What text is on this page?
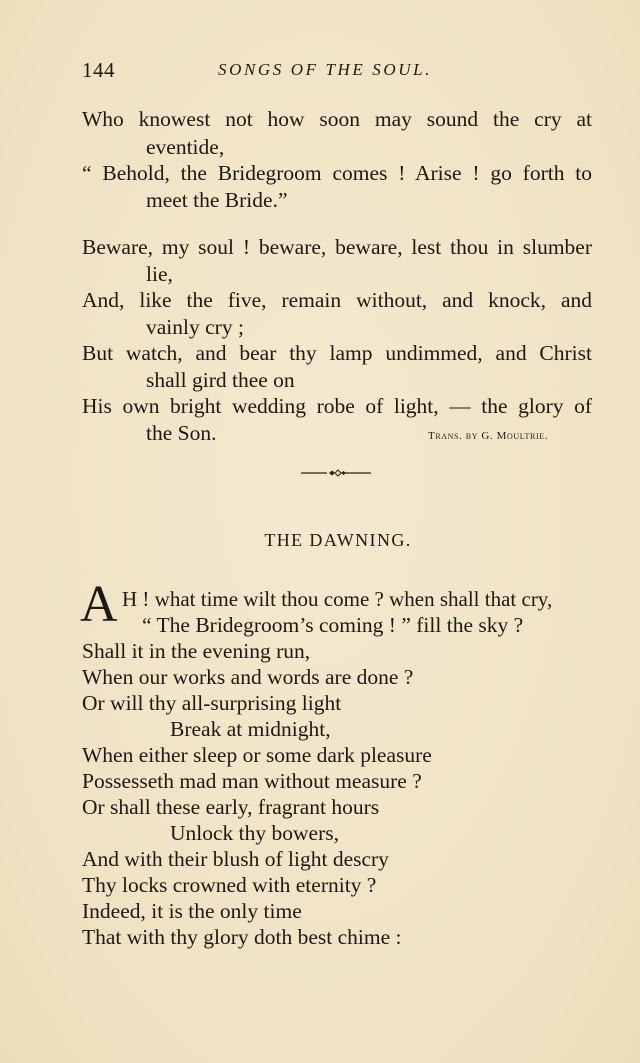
144	SONGS OF THE SOUL.
Who knowest not how soon may sound the cry at
eventide,
“ Behold, the Bridegroom comes ! Arise ! go forth to
meet the Bride.”
Beware, my soul ! beware, beware, lest thou in slumber
lie,
And, like the five, remain without, and knock, and
vainly cry ;
But watch, and bear thy lamp undimmed, and Christ
shall gird thee on
His own bright wedding robe of light, — the glory of
the Son.	Trans. by G. Moultrie.
THE DAWNING.
A H ! what time wilt thou come ? when shall that cry,
“ The Bridegroom’s coming ! ” fill the sky ?
Shall it in the evening run,
When our works and words are done ?
Or will thy all-surprising light
Break at midnight,
When either sleep or some dark pleasure
Possesseth mad man without measure ?
Or shall these early, fragrant hours
Unlock thy bowers,
And with their blush of light descry
Thy locks crowned with eternity ?
Indeed, it is the only time
That with thy glory doth best chime :
